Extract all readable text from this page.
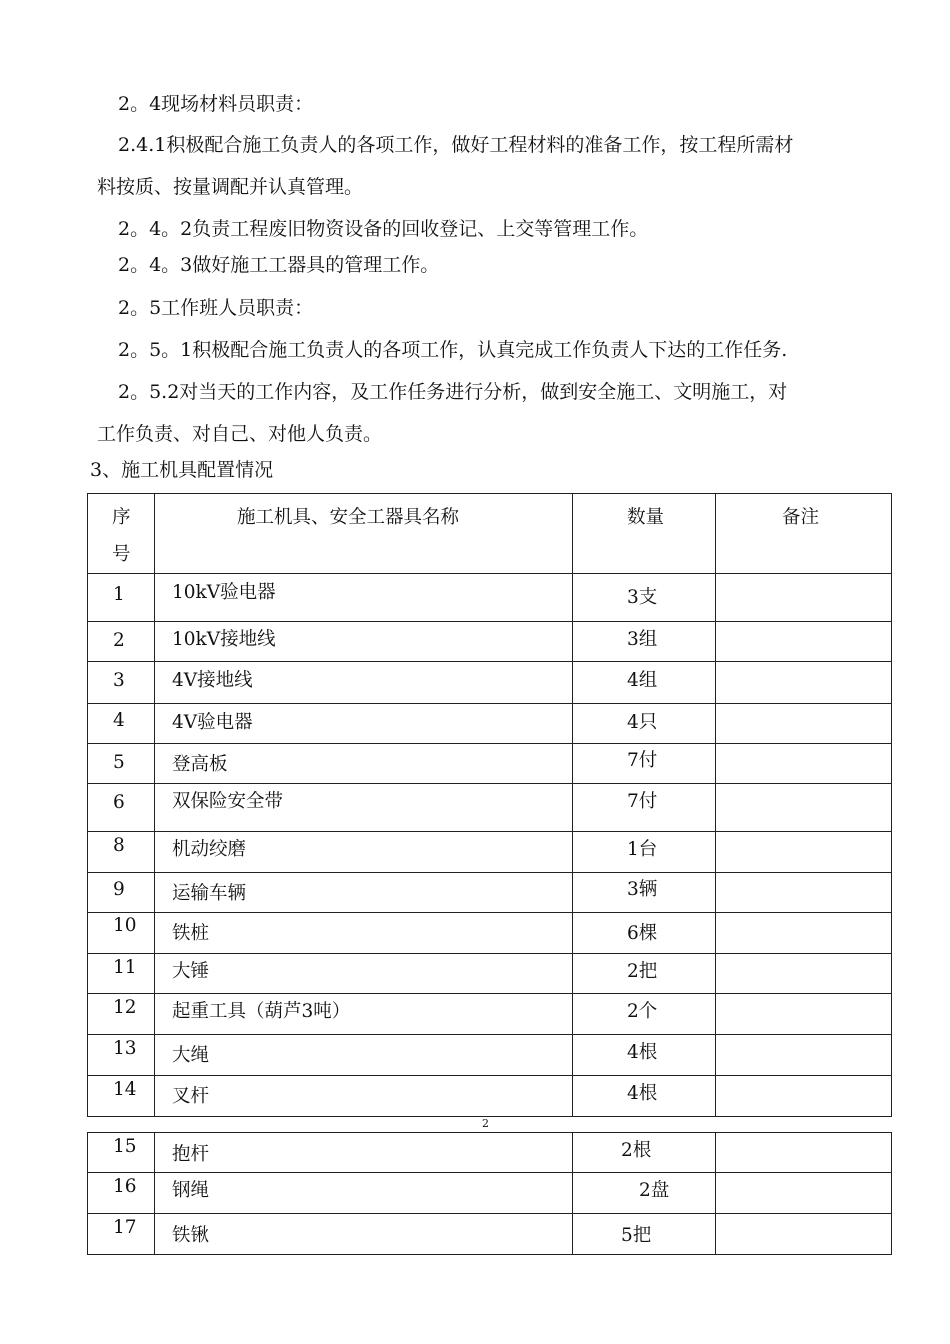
2。4现场材料员职责：
2.4.1积极配合施工负责人的各项工作，做好工程材料的准备工作，按工程所需材
料按质、按量调配并认真管理。
2。4。2负责工程废旧物资设备的回收登记、上交等管理工作。
2。4。3做好施工工器具的管理工作。
2。5工作班人员职责：
2。5。1积极配合施工负责人的各项工作，认真完成工作负责人下达的工作任务.
2。5.2对当天的工作内容，及工作任务进行分析，做到安全施工、文明施工，对
工作负责、对自己、对他人负责。
3、施工机具配置情况
序
号	施工机具、安全工器具名称	数量	备注

1	10kV验电器	3支	

2	10kV接地线	3组	

3	4V接地线	4组	

4	4V验电器	4只	

5	登高板	7付	

6	双保险安全带	7付	

8	机动绞磨	1台	

9	运输车辆	3辆	

10	铁桩	6棵	

11	大锤	2把	

12	起重工具（葫芦3吨）	2个	

13	大绳	4根	

14	叉杆	4根	

2
15	抱杆	2根	

16	钢绳	2盘	

17	铁锹	5把	
